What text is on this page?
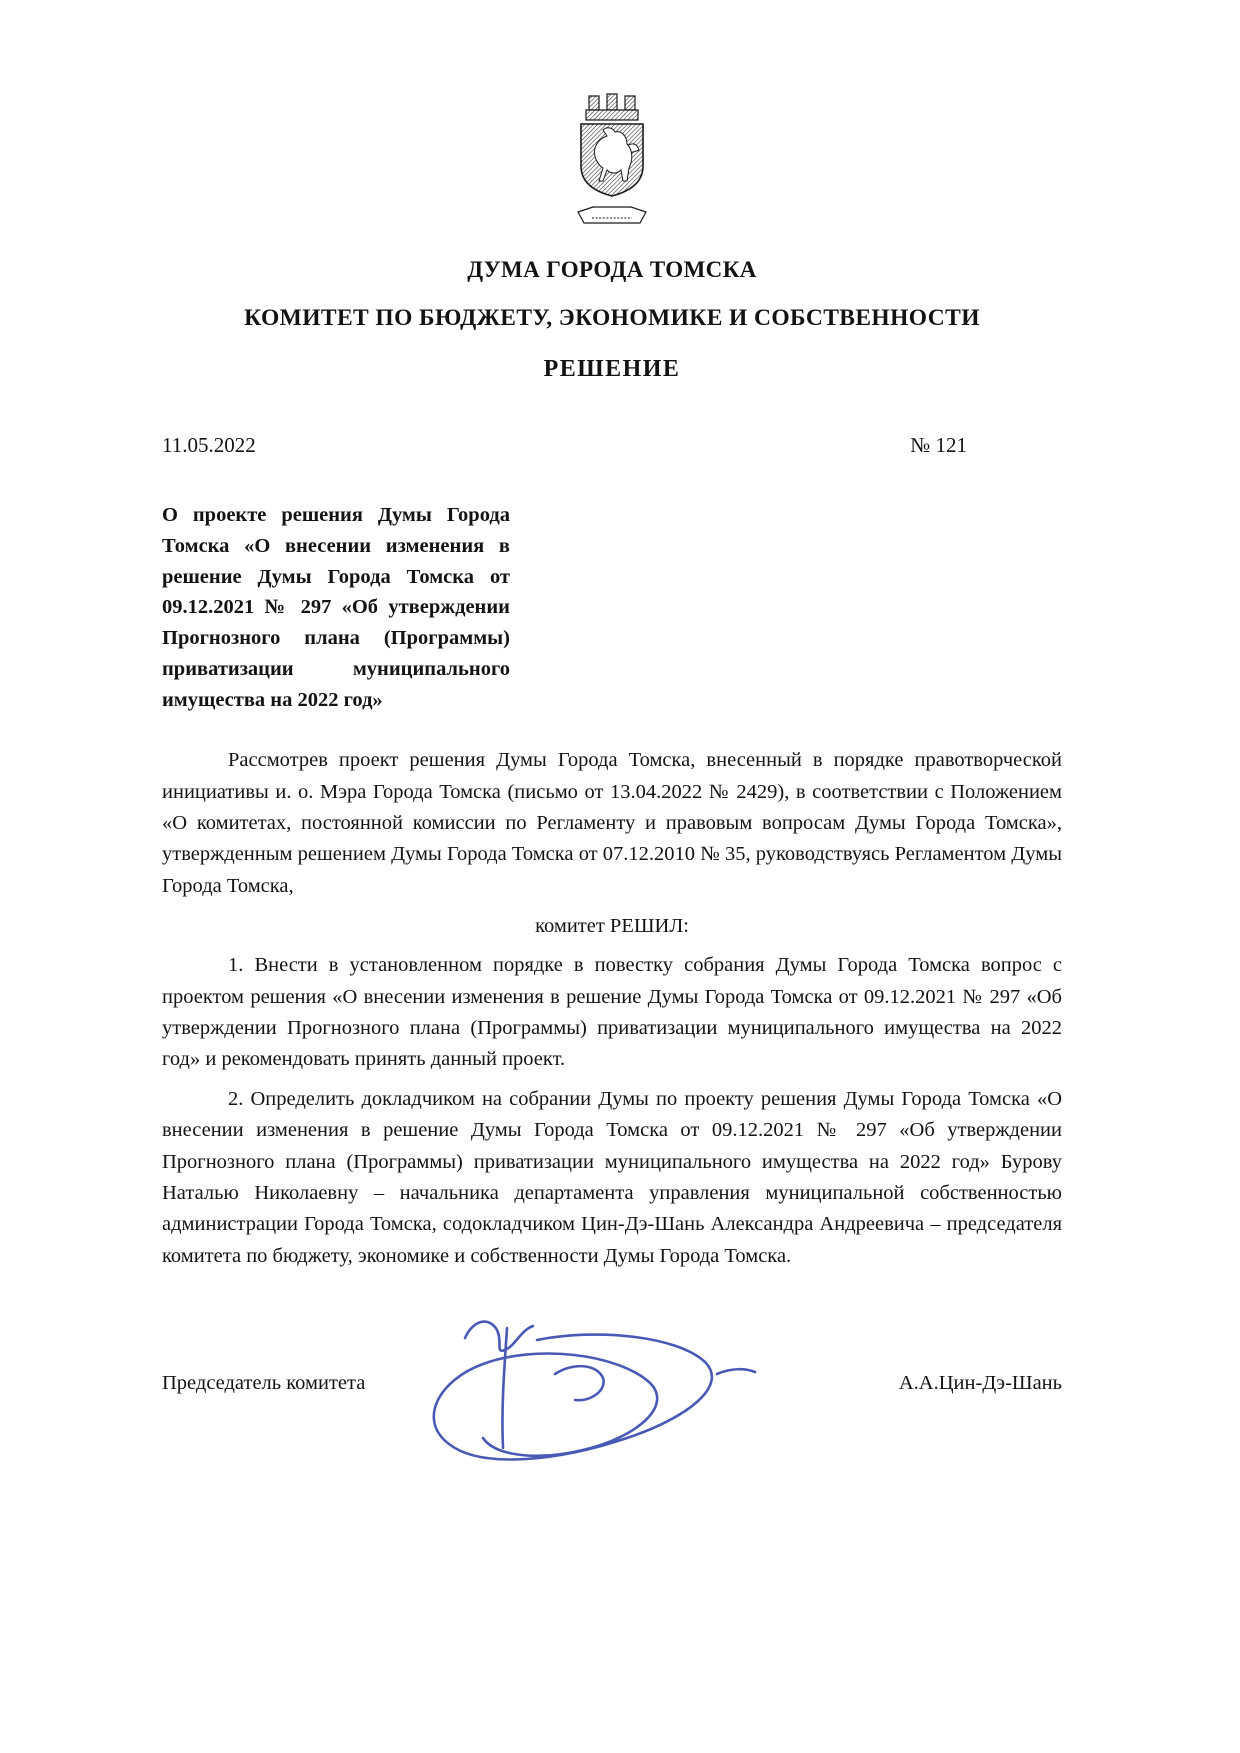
ДУМА ГОРОДА ТОМСКА
КОМИТЕТ ПО БЮДЖЕТУ, ЭКОНОМИКЕ И СОБСТВЕННОСТИ
РЕШЕНИЕ
11.05.2022	№ 121
О проекте решения Думы Города Томска «О внесении изменения в решение Думы Города Томска от 09.12.2021 № 297 «Об утверждении Прогнозного плана (Программы) приватизации муниципального имущества на 2022 год»

Рассмотрев проект решения Думы Города Томска, внесенный в порядке правотворческой инициативы и. о. Мэра Города Томска (письмо от 13.04.2022 № 2429), в соответствии с Положением «О комитетах, постоянной комиссии по Регламенту и правовым вопросам Думы Города Томска», утвержденным решением Думы Города Томска от 07.12.2010 № 35, руководствуясь Регламентом Думы Города Томска,

комитет РЕШИЛ:

1. Внести в установленном порядке в повестку собрания Думы Города Томска вопрос с проектом решения «О внесении изменения в решение Думы Города Томска от 09.12.2021 № 297 «Об утверждении Прогнозного плана (Программы) приватизации муниципального имущества на 2022 год» и рекомендовать принять данный проект.

2. Определить докладчиком на собрании Думы по проекту решения Думы Города Томска «О внесении изменения в решение Думы Города Томска от 09.12.2021 № 297 «Об утверждении Прогнозного плана (Программы) приватизации муниципального имущества на 2022 год» Бурову Наталью Николаевну – начальника департамента управления муниципальной собственностью администрации Города Томска, содокладчиком Цин-Дэ-Шань Александра Андреевича – председателя комитета по бюджету, экономике и собственности Думы Города Томска.

Председатель комитета	А.А.Цин-Дэ-Шань
